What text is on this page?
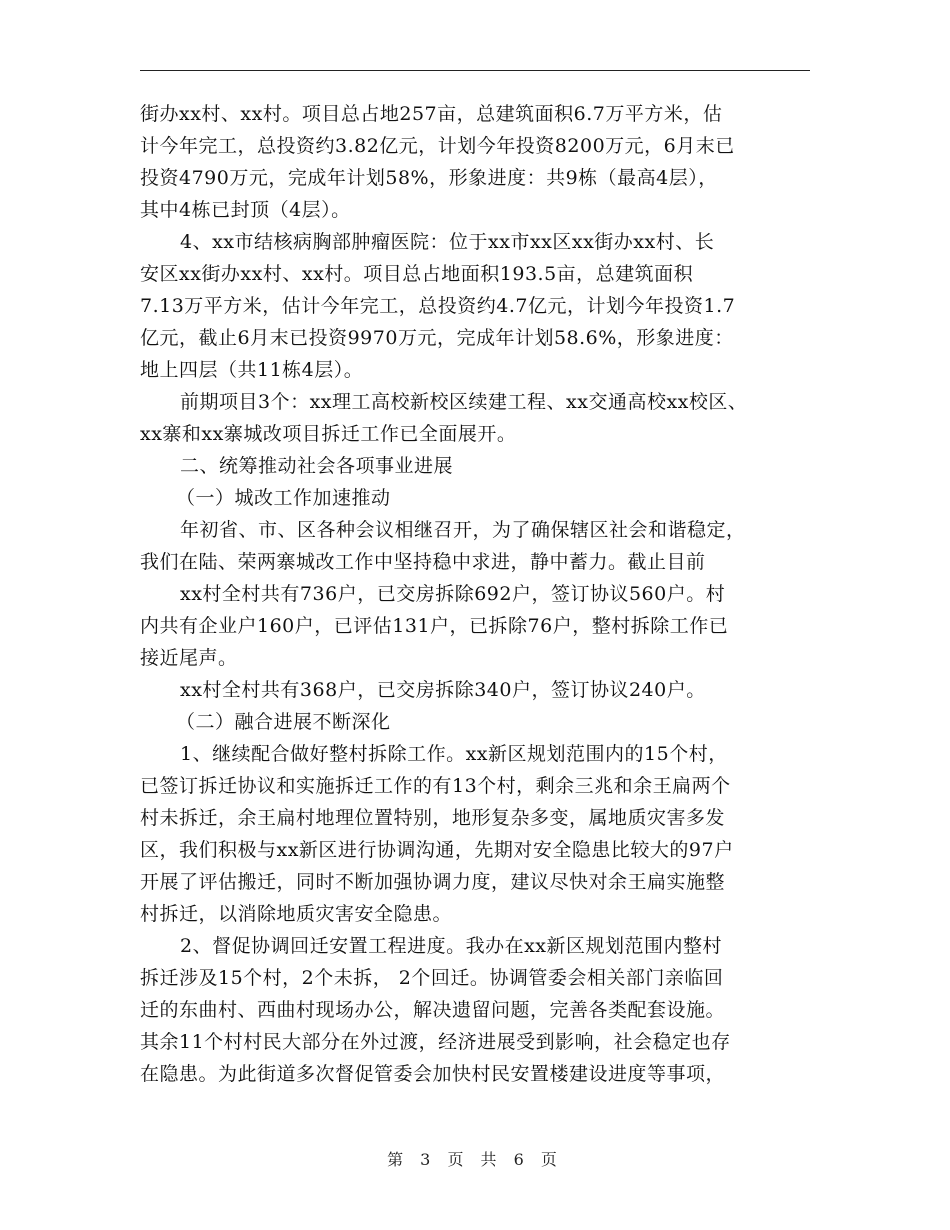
街办xx村、xx村。项目总占地257亩，总建筑面积6.7万平方米，估
计今年完工，总投资约3.82亿元，计划今年投资8200万元，6月末已
投资4790万元，完成年计划58%，形象进度：共9栋（最高4层），
其中4栋已封顶（4层）。
4、xx市结核病胸部肿瘤医院：位于xx市xx区xx街办xx村、长
安区xx街办xx村、xx村。项目总占地面积193.5亩，总建筑面积
7.13万平方米，估计今年完工，总投资约4.7亿元，计划今年投资1.7
亿元，截止6月末已投资9970万元，完成年计划58.6%，形象进度：
地上四层（共11栋4层）。
前期项目3个：xx理工高校新校区续建工程、xx交通高校xx校区、
xx寨和xx寨城改项目拆迁工作已全面展开。
二、统筹推动社会各项事业进展
（一）城改工作加速推动
年初省、市、区各种会议相继召开，为了确保辖区社会和谐稳定，
我们在陆、荣两寨城改工作中坚持稳中求进，静中蓄力。截止目前
xx村全村共有736户，已交房拆除692户，签订协议560户。村
内共有企业户160户，已评估131户，已拆除76户，整村拆除工作已
接近尾声。
xx村全村共有368户，已交房拆除340户，签订协议240户。
（二）融合进展不断深化
1、继续配合做好整村拆除工作。xx新区规划范围内的15个村，
已签订拆迁协议和实施拆迁工作的有13个村，剩余三兆和余王扁两个
村未拆迁，余王扁村地理位置特别，地形复杂多变，属地质灾害多发
区，我们积极与xx新区进行协调沟通，先期对安全隐患比较大的97户
开展了评估搬迁，同时不断加强协调力度，建议尽快对余王扁实施整
村拆迁，以消除地质灾害安全隐患。
2、督促协调回迁安置工程进度。我办在xx新区规划范围内整村
拆迁涉及15个村，2个未拆， 2个回迁。协调管委会相关部门亲临回
迁的东曲村、西曲村现场办公，解决遗留问题，完善各类配套设施。
其余11个村村民大部分在外过渡，经济进展受到影响，社会稳定也存
在隐患。为此街道多次督促管委会加快村民安置楼建设进度等事项，
第 3 页 共 6 页
